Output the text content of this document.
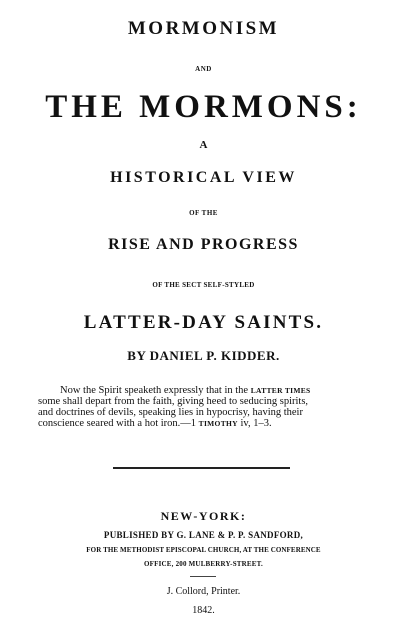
MORMONISM
AND
THE MORMONS:
A
HISTORICAL VIEW
OF THE
RISE AND PROGRESS
OF THE SECT SELF-STYLED
LATTER-DAY SAINTS.
BY DANIEL P. KIDDER.
Now the Spirit speaketh expressly that in the LATTER TIMES
some shall depart from the faith, giving heed to seducing spirits,
and doctrines of devils, speaking lies in hypocrisy, having their
conscience seared with a hot iron.—1 TIMOTHY iv, 1–3.
NEW-YORK:
PUBLISHED BY G. LANE & P. P. SANDFORD,
FOR THE METHODIST EPISCOPAL CHURCH, AT THE CONFERENCE
OFFICE, 200 MULBERRY-STREET.
J. Collord, Printer.
1842.
